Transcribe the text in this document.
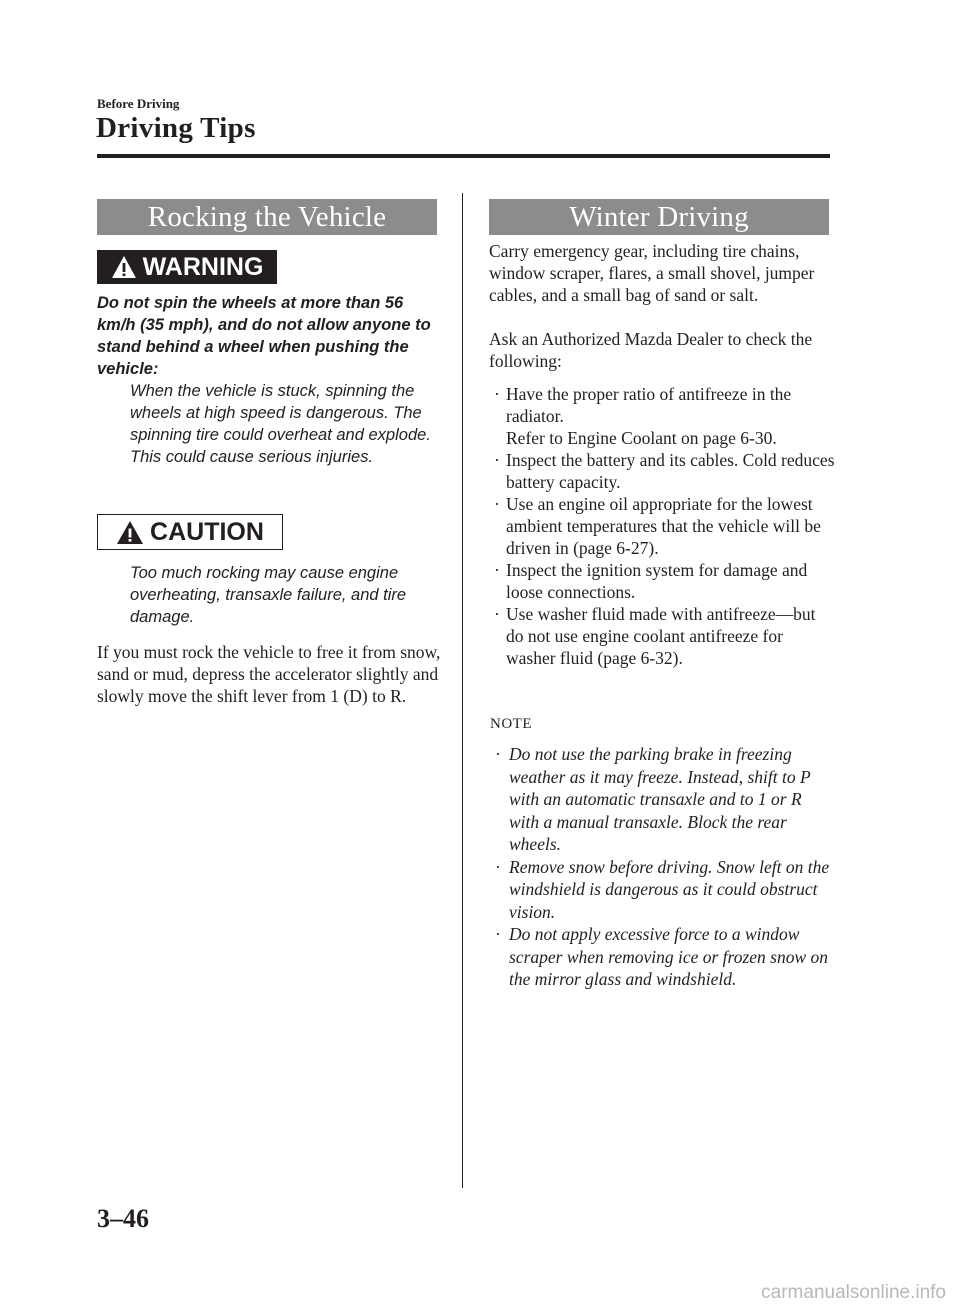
Before Driving
Driving Tips
Rocking the Vehicle
WARNING
Do not spin the wheels at more than 56 km/h (35 mph), and do not allow anyone to stand behind a wheel when pushing the vehicle:
When the vehicle is stuck, spinning the wheels at high speed is dangerous. The spinning tire could overheat and explode. This could cause serious injuries.
CAUTION
Too much rocking may cause engine overheating, transaxle failure, and tire damage.
If you must rock the vehicle to free it from snow, sand or mud, depress the accelerator slightly and slowly move the shift lever from 1 (D) to R.
Winter Driving
Carry emergency gear, including tire chains, window scraper, flares, a small shovel, jumper cables, and a small bag of sand or salt.
Ask an Authorized Mazda Dealer to check the following:
· Have the proper ratio of antifreeze in the radiator.
Refer to Engine Coolant on page 6-30.
· Inspect the battery and its cables. Cold reduces battery capacity.
· Use an engine oil appropriate for the lowest ambient temperatures that the vehicle will be driven in (page 6-27).
· Inspect the ignition system for damage and loose connections.
· Use washer fluid made with antifreeze—but do not use engine coolant antifreeze for washer fluid (page 6-32).
NOTE
· Do not use the parking brake in freezing weather as it may freeze. Instead, shift to P with an automatic transaxle and to 1 or R with a manual transaxle. Block the rear wheels.
· Remove snow before driving. Snow left on the windshield is dangerous as it could obstruct vision.
· Do not apply excessive force to a window scraper when removing ice or frozen snow on the mirror glass and windshield.
3–46
carmanualsonline.info
